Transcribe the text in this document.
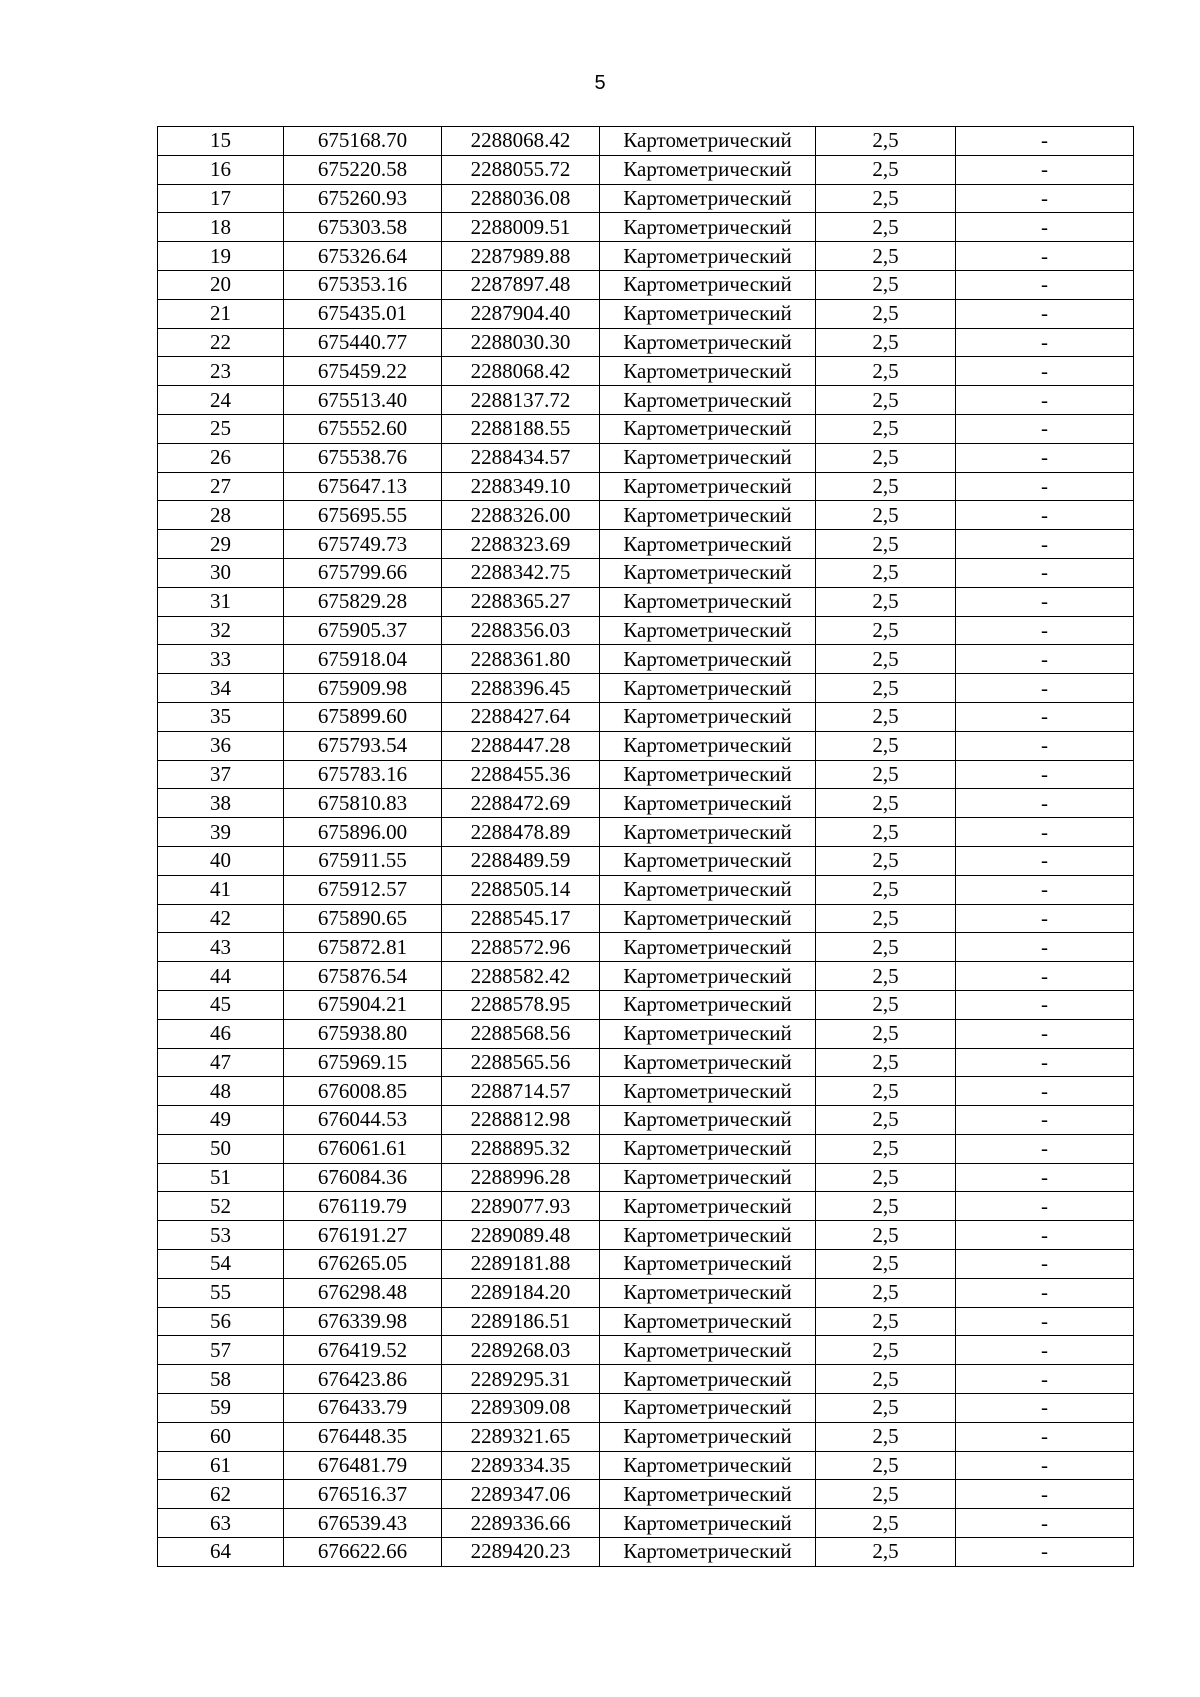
5
15	675168.70	2288068.42	Картометрический	2,5	-
16	675220.58	2288055.72	Картометрический	2,5	-
17	675260.93	2288036.08	Картометрический	2,5	-
18	675303.58	2288009.51	Картометрический	2,5	-
19	675326.64	2287989.88	Картометрический	2,5	-
20	675353.16	2287897.48	Картометрический	2,5	-
21	675435.01	2287904.40	Картометрический	2,5	-
22	675440.77	2288030.30	Картометрический	2,5	-
23	675459.22	2288068.42	Картометрический	2,5	-
24	675513.40	2288137.72	Картометрический	2,5	-
25	675552.60	2288188.55	Картометрический	2,5	-
26	675538.76	2288434.57	Картометрический	2,5	-
27	675647.13	2288349.10	Картометрический	2,5	-
28	675695.55	2288326.00	Картометрический	2,5	-
29	675749.73	2288323.69	Картометрический	2,5	-
30	675799.66	2288342.75	Картометрический	2,5	-
31	675829.28	2288365.27	Картометрический	2,5	-
32	675905.37	2288356.03	Картометрический	2,5	-
33	675918.04	2288361.80	Картометрический	2,5	-
34	675909.98	2288396.45	Картометрический	2,5	-
35	675899.60	2288427.64	Картометрический	2,5	-
36	675793.54	2288447.28	Картометрический	2,5	-
37	675783.16	2288455.36	Картометрический	2,5	-
38	675810.83	2288472.69	Картометрический	2,5	-
39	675896.00	2288478.89	Картометрический	2,5	-
40	675911.55	2288489.59	Картометрический	2,5	-
41	675912.57	2288505.14	Картометрический	2,5	-
42	675890.65	2288545.17	Картометрический	2,5	-
43	675872.81	2288572.96	Картометрический	2,5	-
44	675876.54	2288582.42	Картометрический	2,5	-
45	675904.21	2288578.95	Картометрический	2,5	-
46	675938.80	2288568.56	Картометрический	2,5	-
47	675969.15	2288565.56	Картометрический	2,5	-
48	676008.85	2288714.57	Картометрический	2,5	-
49	676044.53	2288812.98	Картометрический	2,5	-
50	676061.61	2288895.32	Картометрический	2,5	-
51	676084.36	2288996.28	Картометрический	2,5	-
52	676119.79	2289077.93	Картометрический	2,5	-
53	676191.27	2289089.48	Картометрический	2,5	-
54	676265.05	2289181.88	Картометрический	2,5	-
55	676298.48	2289184.20	Картометрический	2,5	-
56	676339.98	2289186.51	Картометрический	2,5	-
57	676419.52	2289268.03	Картометрический	2,5	-
58	676423.86	2289295.31	Картометрический	2,5	-
59	676433.79	2289309.08	Картометрический	2,5	-
60	676448.35	2289321.65	Картометрический	2,5	-
61	676481.79	2289334.35	Картометрический	2,5	-
62	676516.37	2289347.06	Картометрический	2,5	-
63	676539.43	2289336.66	Картометрический	2,5	-
64	676622.66	2289420.23	Картометрический	2,5	-
